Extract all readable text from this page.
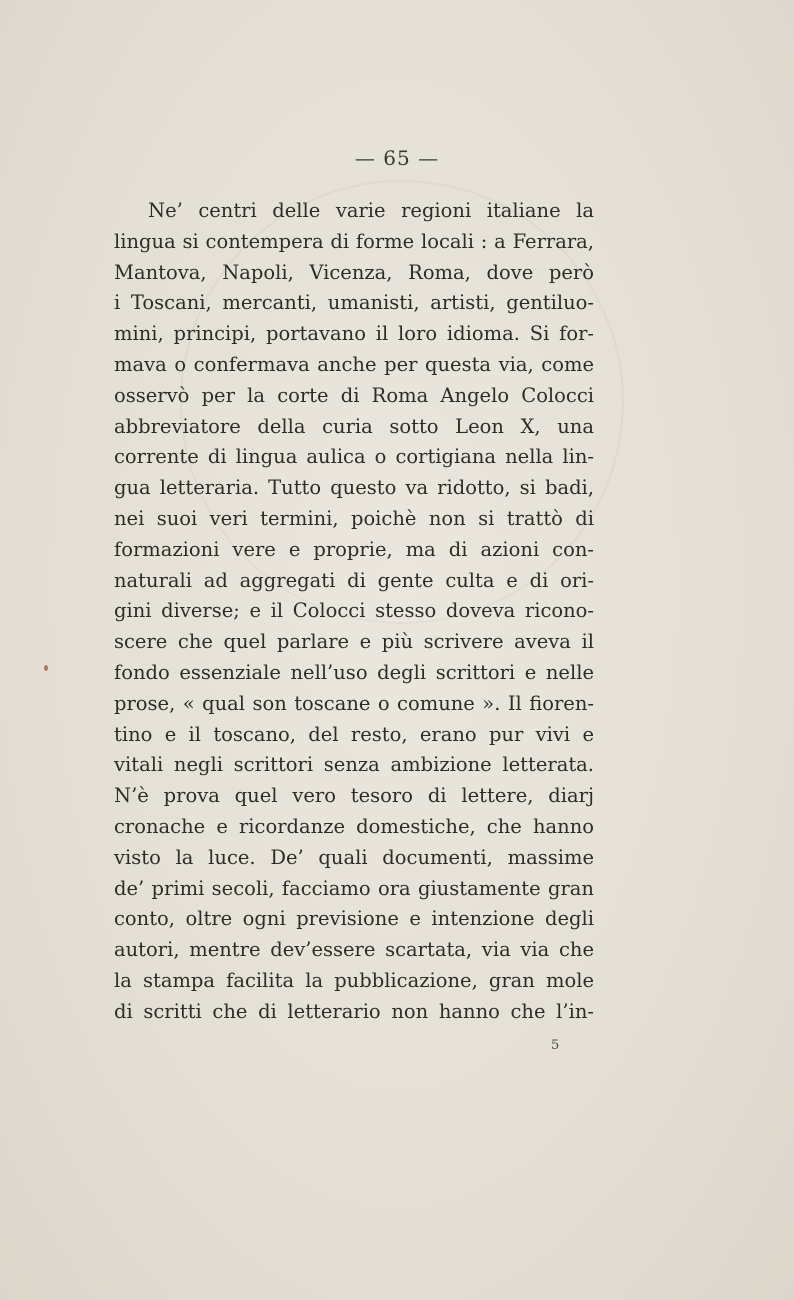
— 65 —
Ne’ centri delle varie regioni italiane la
lingua si contempera di forme locali : a Ferrara,
Mantova, Napoli, Vicenza, Roma, dove però
i Toscani, mercanti, umanisti, artisti, gentiluo-
mini, principi, portavano il loro idioma. Si for-
mava o confermava anche per questa via, come
osservò per la corte di Roma Angelo Colocci
abbreviatore della curia sotto Leon X, una
corrente di lingua aulica o cortigiana nella lin-
gua letteraria. Tutto questo va ridotto, si badi,
nei suoi veri termini, poichè non si trattò di
formazioni vere e proprie, ma di azioni con-
naturali ad aggregati di gente culta e di ori-
gini diverse; e il Colocci stesso doveva ricono-
scere che quel parlare e più scrivere aveva il
fondo essenziale nell’uso degli scrittori e nelle
prose, « qual son toscane o comune ». Il fioren-
tino e il toscano, del resto, erano pur vivi e
vitali negli scrittori senza ambizione letterata.
N’è prova quel vero tesoro di lettere, diarj
cronache e ricordanze domestiche, che hanno
visto la luce. De’ quali documenti, massime
de’ primi secoli, facciamo ora giustamente gran
conto, oltre ogni previsione e intenzione degli
autori, mentre dev’essere scartata, via via che
la stampa facilita la pubblicazione, gran mole
di scritti che di letterario non hanno che l’in-
5
